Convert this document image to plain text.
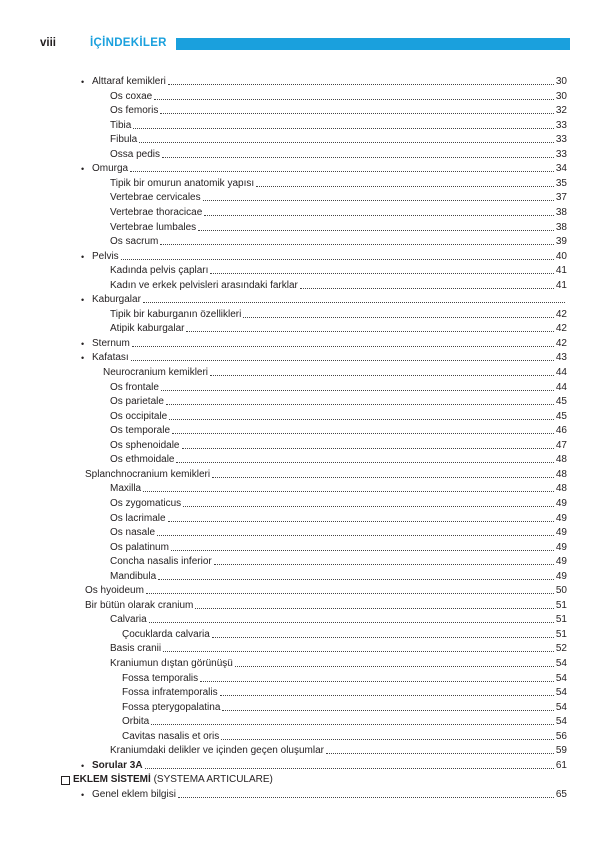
viii	İÇİNDEKİLER
Alttaraf kemikleri	30
•
Os coxae	30
Os femoris	32
Tibia	33
Fibula	33
Ossa pedis	33
Omurga	34
•
Tipik bir omurun anatomik yapısı	35
Vertebrae cervicales	37
Vertebrae thoracicae	38
Vertebrae lumbales	38
Os sacrum	39
Pelvis	40
•
Kadında pelvis çapları	41
Kadın ve erkek pelvisleri arasındaki farklar	41
Kaburgalar
•
Tipik bir kaburganın özellikleri	42
Atipik kaburgalar	42
Sternum	42
•
Kafatası	43
•
Neurocranium kemikleri	44
Os frontale	44
Os parietale	45
Os occipitale	45
Os temporale	46
Os sphenoidale	47
Os ethmoidale	48
Splanchnocranium kemikleri	48
Maxilla	48
Os zygomaticus	49
Os lacrimale	49
Os nasale	49
Os palatinum	49
Concha nasalis inferior	49
Mandibula	49
Os hyoideum	50
Bir bütün olarak cranium	51
Calvaria	51
Çocuklarda calvaria	51
Basis cranii	52
Kraniumun dıştan görünüşü	54
Fossa temporalis	54
Fossa infratemporalis	54
Fossa pterygopalatina	54
Orbita	54
Cavitas nasalis et oris	56
Kraniumdaki delikler ve içinden geçen oluşumlar	59
Sorular 3A	61
•
EKLEM SİSTEMİ (SYSTEMA ARTICULARE)
Genel eklem bilgisi	65
•
